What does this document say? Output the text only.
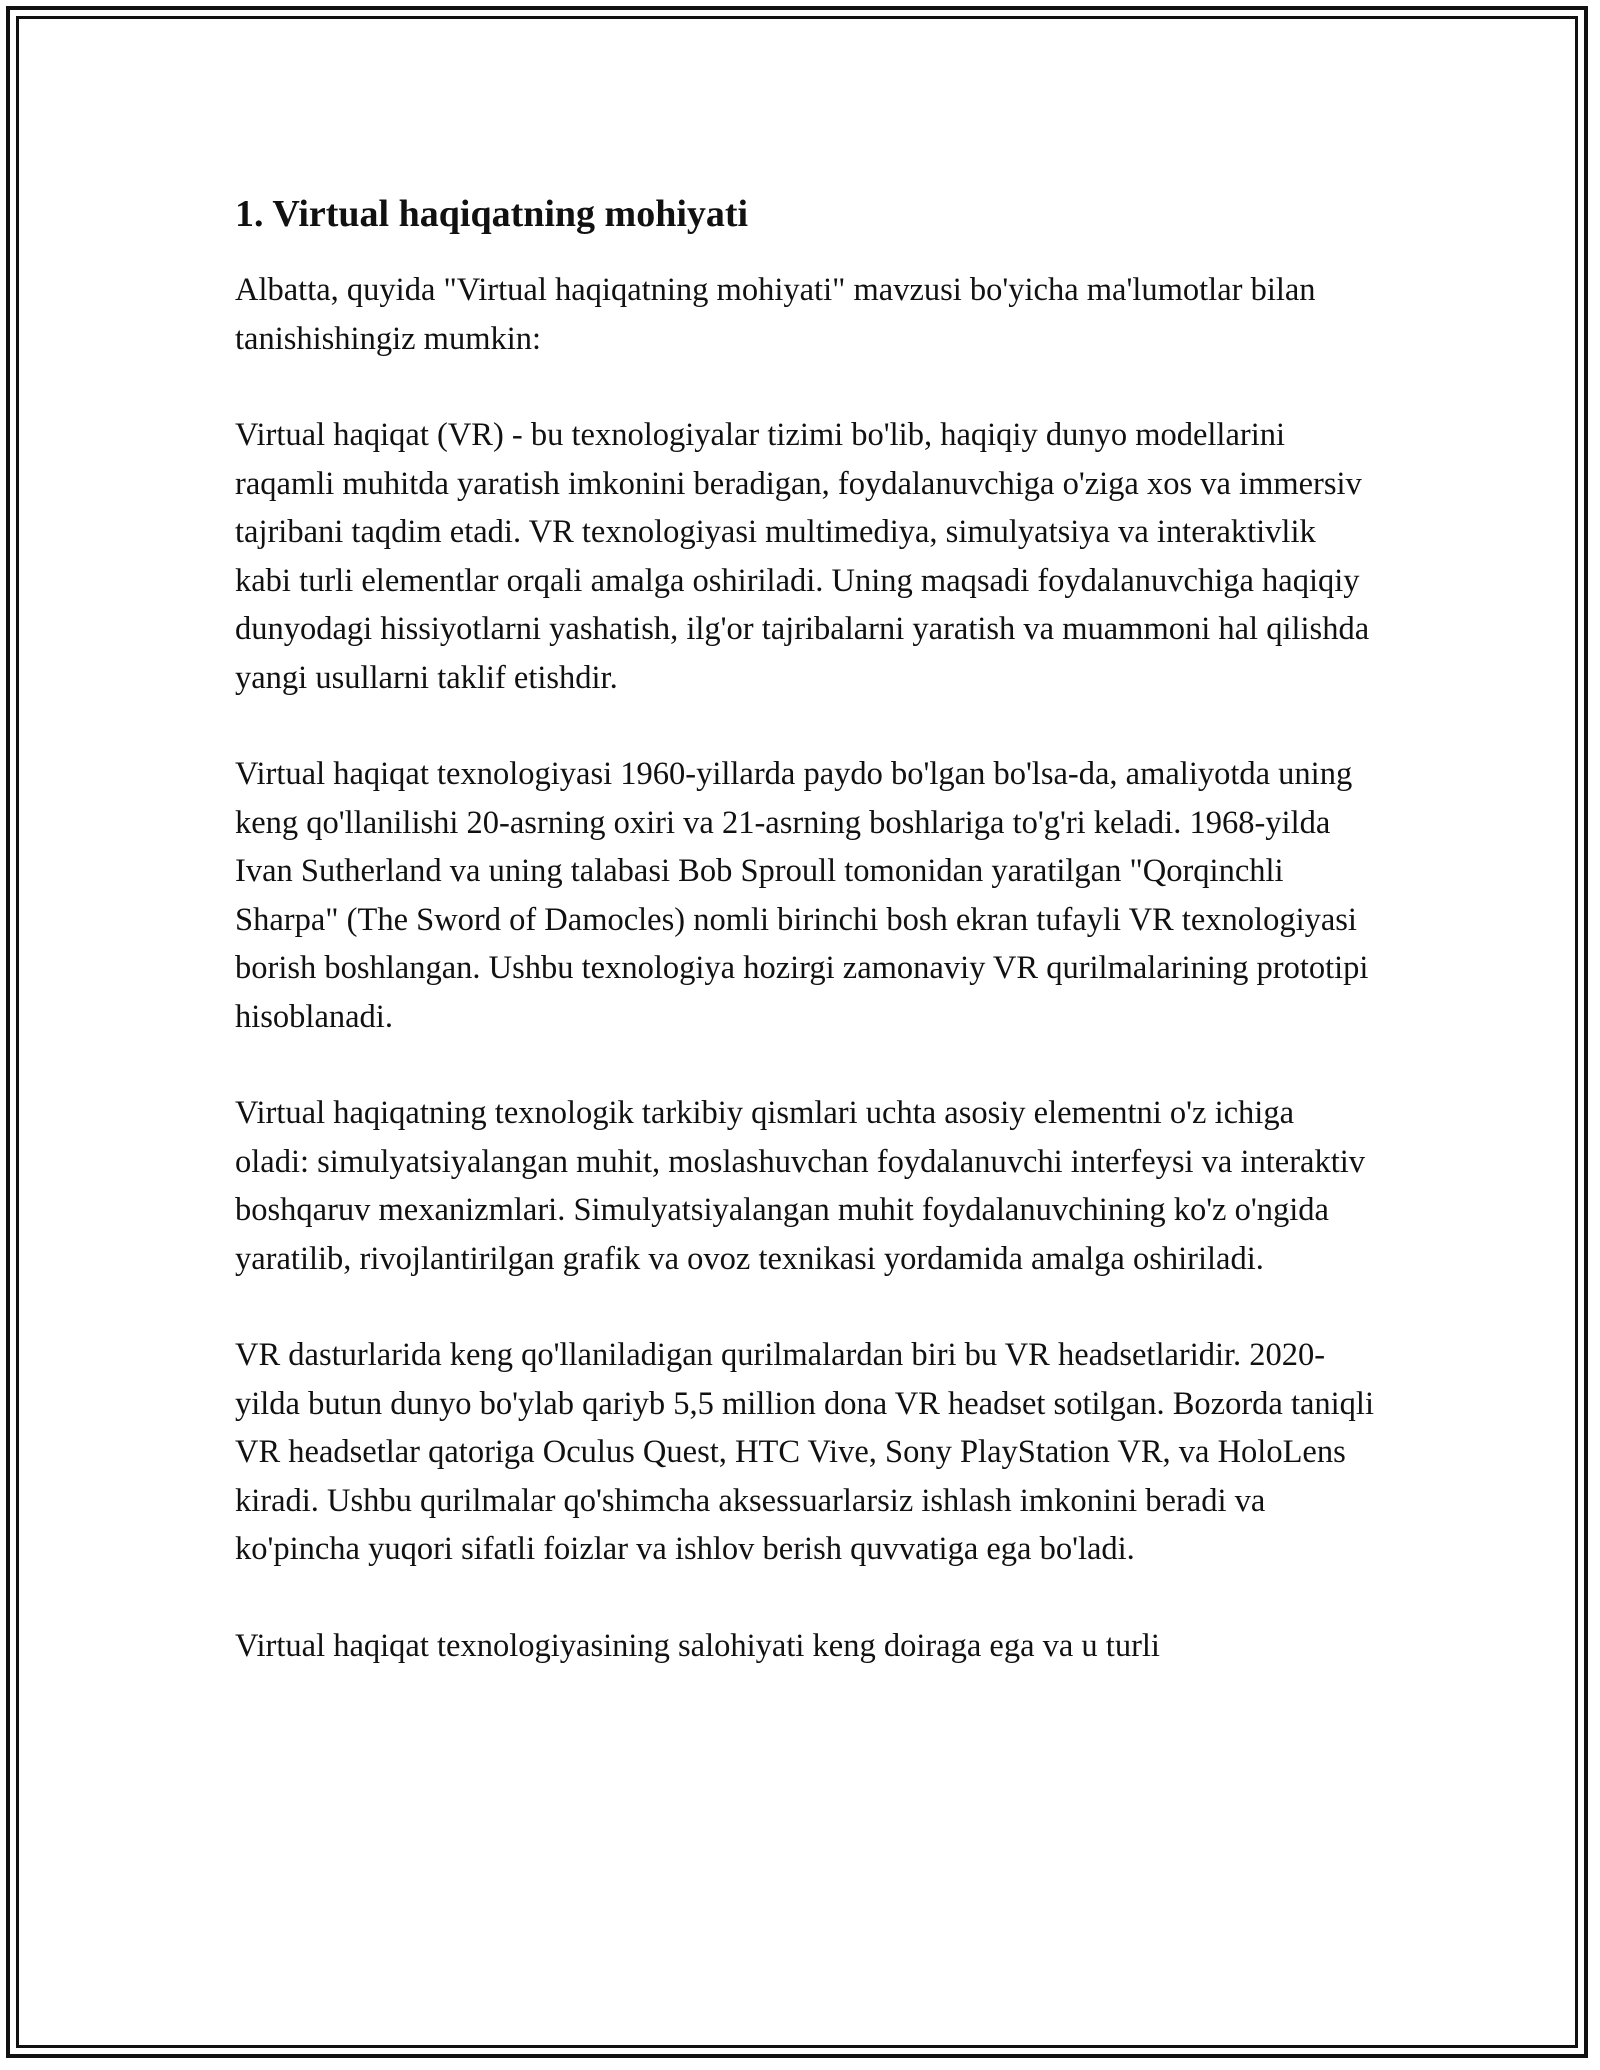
1. Virtual haqiqatning mohiyati

Albatta, quyida "Virtual haqiqatning mohiyati" mavzusi bo'yicha ma'lumotlar bilan tanishishingiz mumkin:

Virtual haqiqat (VR) - bu texnologiyalar tizimi bo'lib, haqiqiy dunyo modellarini raqamli muhitda yaratish imkonini beradigan, foydalanuvchiga o'ziga xos va immersiv tajribani taqdim etadi. VR texnologiyasi multimediya, simulyatsiya va interaktivlik kabi turli elementlar orqali amalga oshiriladi. Uning maqsadi foydalanuvchiga haqiqiy dunyodagi hissiyotlarni yashatish, ilg'or tajribalarni yaratish va muammoni hal qilishda yangi usullarni taklif etishdir.

Virtual haqiqat texnologiyasi 1960-yillarda paydo bo'lgan bo'lsa-da, amaliyotda uning keng qo'llanilishi 20-asrning oxiri va 21-asrning boshlariga to'g'ri keladi. 1968-yilda Ivan Sutherland va uning talabasi Bob Sproull tomonidan yaratilgan "Qorqinchli Sharpa" (The Sword of Damocles) nomli birinchi bosh ekran tufayli VR texnologiyasi borish boshlangan. Ushbu texnologiya hozirgi zamonaviy VR qurilmalarining prototipi hisoblanadi.

Virtual haqiqatning texnologik tarkibiy qismlari uchta asosiy elementni o'z ichiga oladi: simulyatsiyalangan muhit, moslashuvchan foydalanuvchi interfeysi va interaktiv boshqaruv mexanizmlari. Simulyatsiyalangan muhit foydalanuvchining ko'z o'ngida yaratilib, rivojlantirilgan grafik va ovoz texnikasi yordamida amalga oshiriladi.

VR dasturlarida keng qo'llaniladigan qurilmalardan biri bu VR headsetlaridir. 2020-yilda butun dunyo bo'ylab qariyb 5,5 million dona VR headset sotilgan. Bozorda taniqli VR headsetlar qatoriga Oculus Quest, HTC Vive, Sony PlayStation VR, va HoloLens kiradi. Ushbu qurilmalar qo'shimcha aksessuarlarsiz ishlash imkonini beradi va ko'pincha yuqori sifatli foizlar va ishlov berish quvvatiga ega bo'ladi.

Virtual haqiqat texnologiyasining salohiyati keng doiraga ega va u turli
